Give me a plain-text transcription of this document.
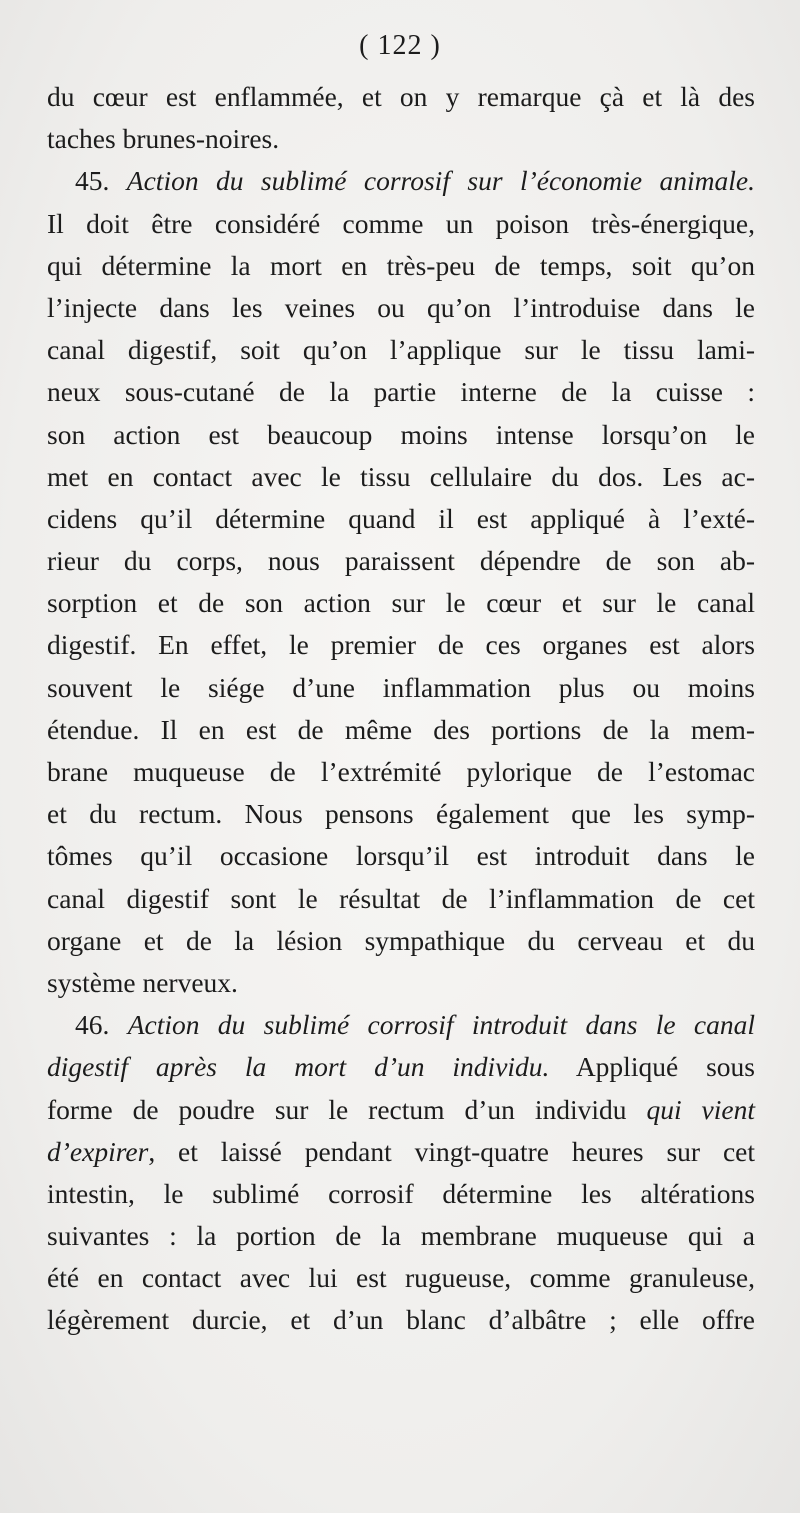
( 122 )
du cœur est enflammée, et on y remarque çà et là des
taches brunes-noires.
45. Action du sublimé corrosif sur l’économie animale.
Il doit être considéré comme un poison très-énergique,
qui détermine la mort en très-peu de temps, soit qu’on
l’injecte dans les veines ou qu’on l’introduise dans le
canal digestif, soit qu’on l’applique sur le tissu lami-
neux sous-cutané de la partie interne de la cuisse :
son action est beaucoup moins intense lorsqu’on le
met en contact avec le tissu cellulaire du dos. Les ac-
cidens qu’il détermine quand il est appliqué à l’exté-
rieur du corps, nous paraissent dépendre de son ab-
sorption et de son action sur le cœur et sur le canal
digestif. En effet, le premier de ces organes est alors
souvent le siége d’une inflammation plus ou moins
étendue. Il en est de même des portions de la mem-
brane muqueuse de l’extrémité pylorique de l’estomac
et du rectum. Nous pensons également que les symp-
tômes qu’il occasione lorsqu’il est introduit dans le
canal digestif sont le résultat de l’inflammation de cet
organe et de la lésion sympathique du cerveau et du
système nerveux.
46. Action du sublimé corrosif introduit dans le canal
digestif après la mort d’un individu. Appliqué sous
forme de poudre sur le rectum d’un individu qui vient
d’expirer, et laissé pendant vingt-quatre heures sur cet
intestin, le sublimé corrosif détermine les altérations
suivantes : la portion de la membrane muqueuse qui a
été en contact avec lui est rugueuse, comme granuleuse,
légèrement durcie, et d’un blanc d’albâtre ; elle offre
